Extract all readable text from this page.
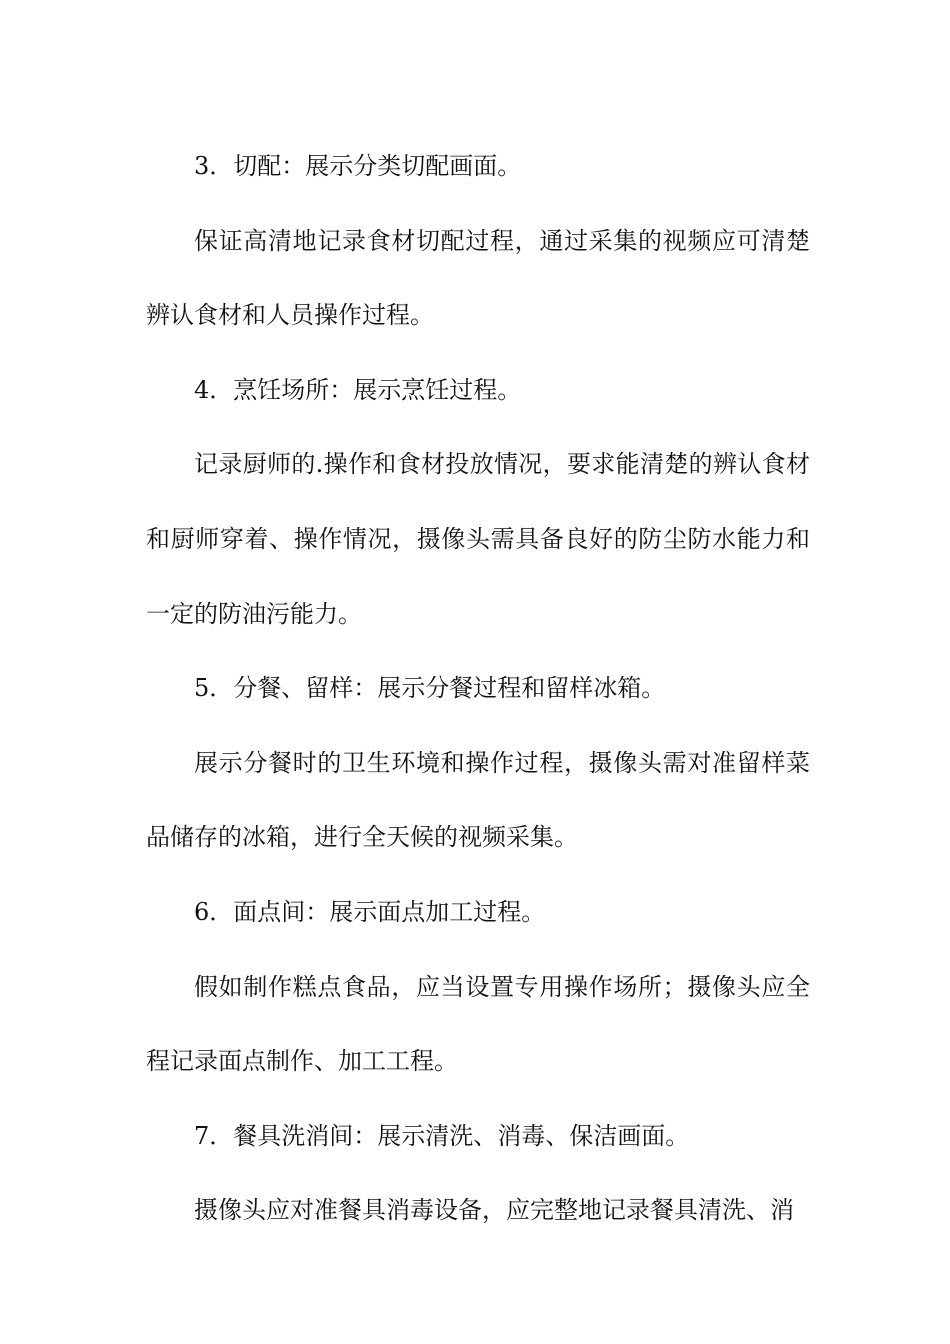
3．切配：展示分类切配画面。

保证高清地记录食材切配过程，通过采集的视频应可清楚辨认食材和人员操作过程。

4．烹饪场所：展示烹饪过程。

记录厨师的.操作和食材投放情况，要求能清楚的辨认食材和厨师穿着、操作情况，摄像头需具备良好的防尘防水能力和一定的防油污能力。

5．分餐、留样：展示分餐过程和留样冰箱。

展示分餐时的卫生环境和操作过程，摄像头需对准留样菜品储存的冰箱，进行全天候的视频采集。

6．面点间：展示面点加工过程。

假如制作糕点食品，应当设置专用操作场所；摄像头应全程记录面点制作、加工工程。

7．餐具洗消间：展示清洗、消毒、保洁画面。

摄像头应对准餐具消毒设备，应完整地记录餐具清洗、消
